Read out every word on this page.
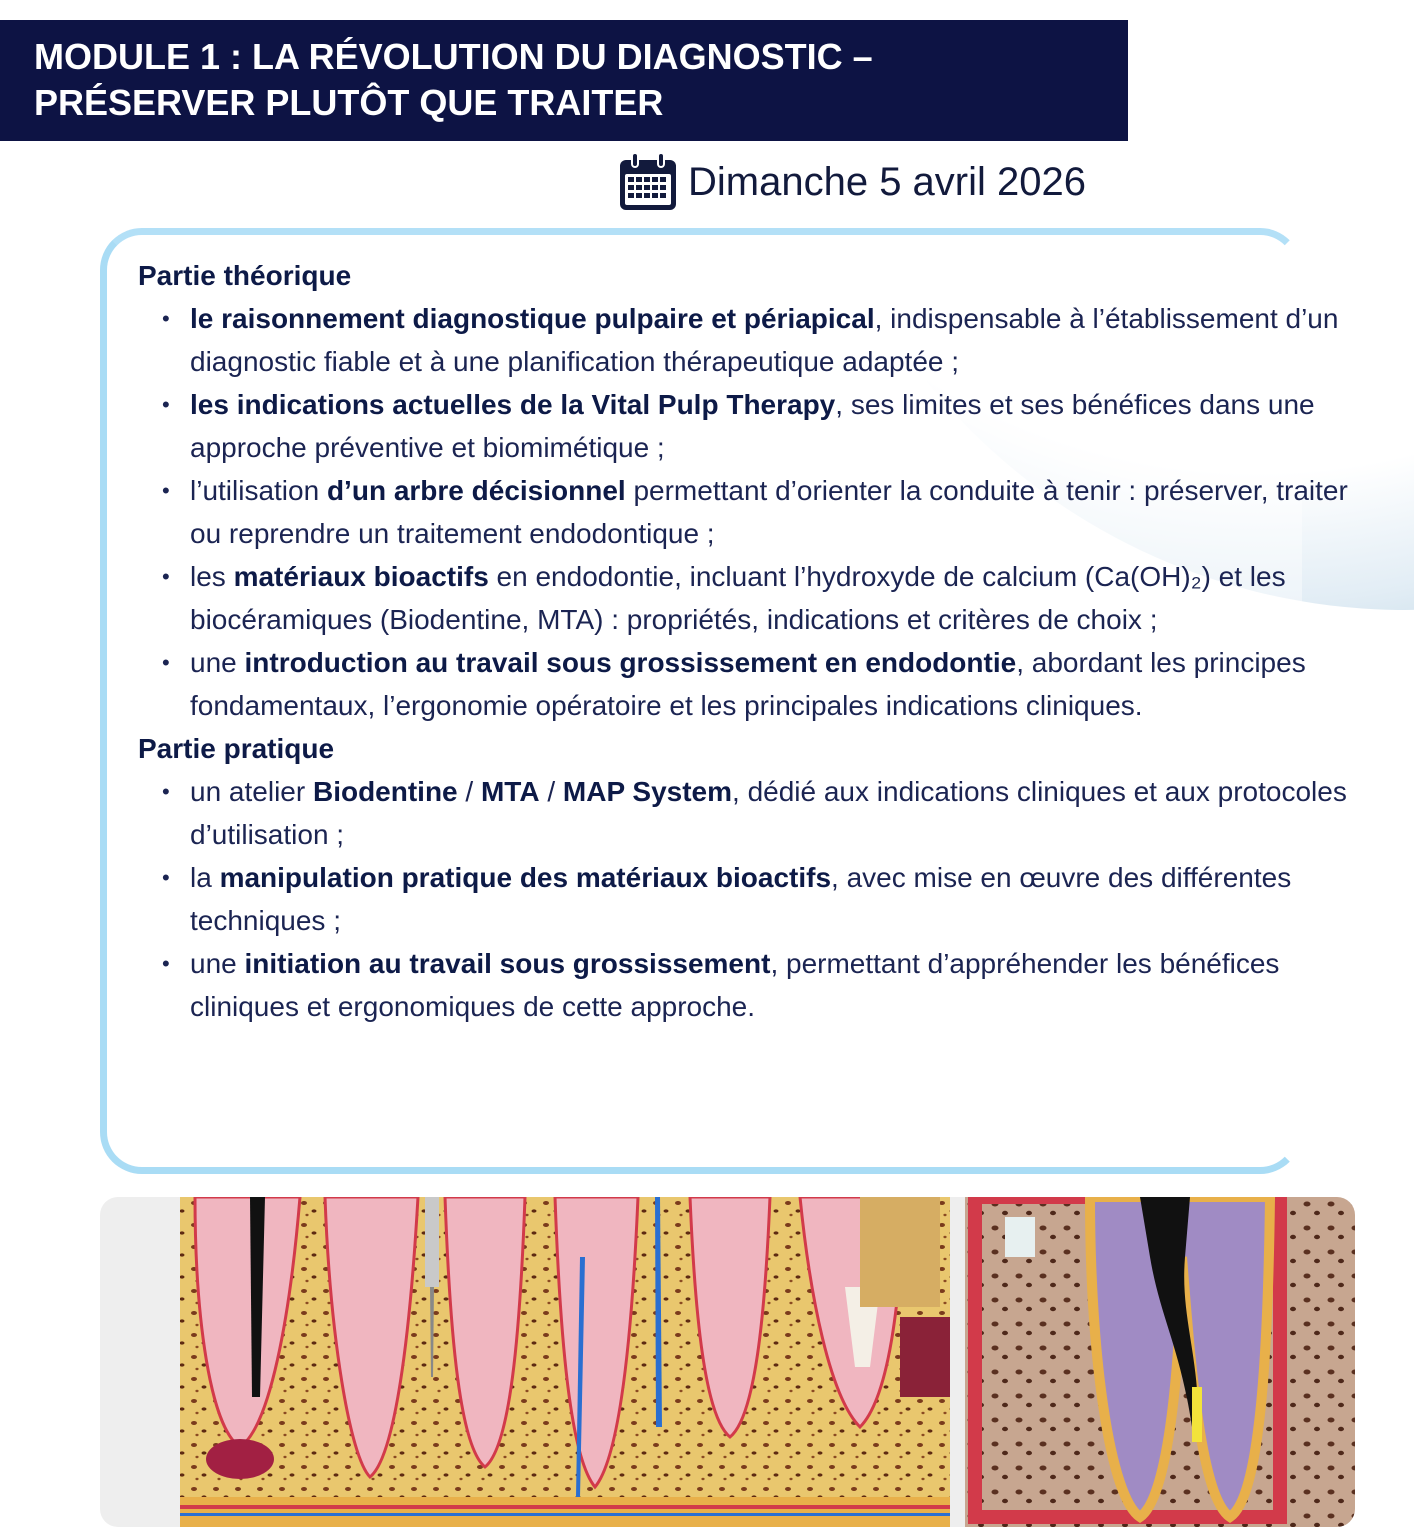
MODULE 1 : LA RÉVOLUTION DU DIAGNOSTIC –
PRÉSERVER PLUTÔT QUE TRAITER
Dimanche 5 avril 2026
Partie théorique
• le raisonnement diagnostique pulpaire et périapical, indispensable à l’établissement d’un diagnostic fiable et à une planification thérapeutique adaptée ;
• les indications actuelles de la Vital Pulp Therapy, ses limites et ses bénéfices dans une approche préventive et biomimétique ;
• l’utilisation d’un arbre décisionnel permettant d’orienter la conduite à tenir : préserver, traiter ou reprendre un traitement endodontique ;
• les matériaux bioactifs en endodontie, incluant l’hydroxyde de calcium (Ca(OH)₂) et les biocéramiques (Biodentine, MTA) : propriétés, indications et critères de choix ;
• une introduction au travail sous grossissement en endodontie, abordant les principes fondamentaux, l’ergonomie opératoire et les principales indications cliniques.
Partie pratique
• un atelier Biodentine / MTA / MAP System, dédié aux indications cliniques et aux protocoles d’utilisation ;
• la manipulation pratique des matériaux bioactifs, avec mise en œuvre des différentes techniques ;
• une initiation au travail sous grossissement, permettant d’appréhender les bénéfices cliniques et ergonomiques de cette approche.
